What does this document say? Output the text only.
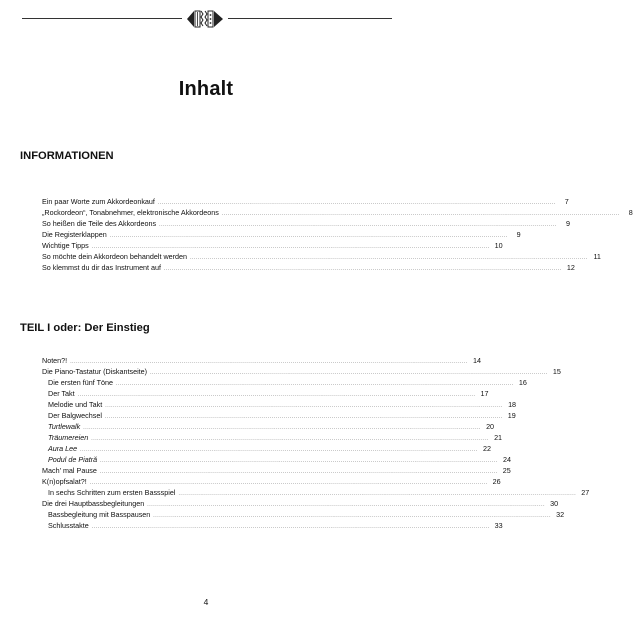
Inhalt
INFORMATIONEN
Ein paar Worte zum Akkordeonkauf ........................................................................................................................................................................................................	7
„Rockordeon“, Tonabnehmer, elektronische Akkordeons ........................................................................................................................................................................................................	8
So heißen die Teile des Akkordeons ........................................................................................................................................................................................................	9
Die Registerklappen ........................................................................................................................................................................................................	9
Wichtige Tipps ........................................................................................................................................................................................................ 10
So möchte dein Akkordeon behandelt werden ........................................................................................................................................................................................................ 11
So klemmst du dir das Instrument auf ........................................................................................................................................................................................................ 12
TEIL I oder: Der Einstieg
Noten?! ........................................................................................................................................................................................................ 14
Die Piano-Tastatur (Diskantseite) ........................................................................................................................................................................................................ 15
Die ersten fünf Töne ........................................................................................................................................................................................................ 16
Der Takt ........................................................................................................................................................................................................ 17
Melodie und Takt ........................................................................................................................................................................................................ 18
Der Balgwechsel ........................................................................................................................................................................................................ 19
Turtlewalk ........................................................................................................................................................................................................ 20
Träumereien ........................................................................................................................................................................................................ 21
Aura Lee ........................................................................................................................................................................................................ 22
Podul de Piatră ........................................................................................................................................................................................................ 24
Mach' mal Pause ........................................................................................................................................................................................................ 25
K(n)opfsalat?! ........................................................................................................................................................................................................ 26
In sechs Schritten zum ersten Bassspiel ........................................................................................................................................................................................................ 27
Die drei Hauptbassbegleitungen ........................................................................................................................................................................................................ 30
Bassbegleitung mit Basspausen ........................................................................................................................................................................................................ 32
Schlusstakte ........................................................................................................................................................................................................ 33
4
